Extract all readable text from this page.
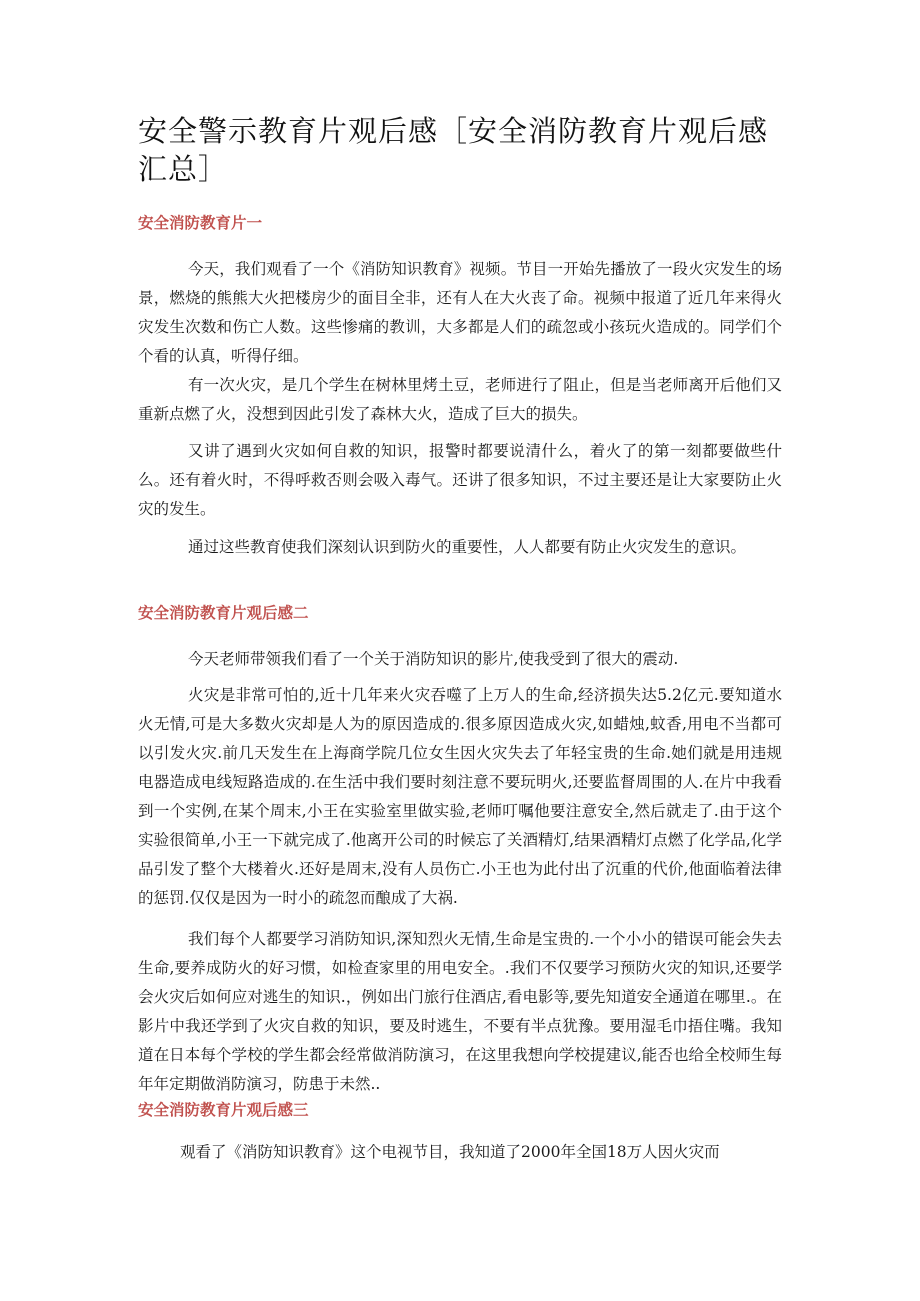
安全警示教育片观后感［安全消防教育片观后感汇总］
安全消防教育片一

今天，我们观看了一个《消防知识教育》视频。节目一开始先播放了一段火灾发生的场景，燃烧的熊熊大火把楼房少的面目全非，还有人在大火丧了命。视频中报道了近几年来得火灾发生次数和伤亡人数。这些惨痛的教训，大多都是人们的疏忽或小孩玩火造成的。同学们个个看的认真，听得仔细。

有一次火灾，是几个学生在树林里烤土豆，老师进行了阻止，但是当老师离开后他们又重新点燃了火，没想到因此引发了森林大火，造成了巨大的损失。

又讲了遇到火灾如何自救的知识，报警时都要说清什么，着火了的第一刻都要做些什么。还有着火时，不得呼救否则会吸入毒气。还讲了很多知识，不过主要还是让大家要防止火灾的发生。

通过这些教育使我们深刻认识到防火的重要性，人人都要有防止火灾发生的意识。

安全消防教育片观后感二

今天老师带领我们看了一个关于消防知识的影片,使我受到了很大的震动.

火灾是非常可怕的,近十几年来火灾吞噬了上万人的生命,经济损失达5.2亿元.要知道水火无情,可是大多数火灾却是人为的原因造成的.很多原因造成火灾,如蜡烛,蚊香,用电不当都可以引发火灾.前几天发生在上海商学院几位女生因火灾失去了年轻宝贵的生命.她们就是用违规电器造成电线短路造成的.在生活中我们要时刻注意不要玩明火,还要监督周围的人.在片中我看到一个实例,在某个周末,小王在实验室里做实验,老师叮嘱他要注意安全,然后就走了.由于这个实验很简单,小王一下就完成了.他离开公司的时候忘了关酒精灯,结果酒精灯点燃了化学品,化学品引发了整个大楼着火.还好是周末,没有人员伤亡.小王也为此付出了沉重的代价,他面临着法律的惩罚.仅仅是因为一时小的疏忽而酿成了大祸.

我们每个人都要学习消防知识,深知烈火无情,生命是宝贵的.一个小小的错误可能会失去生命,要养成防火的好习惯，如检查家里的用电安全。.我们不仅要学习预防火灾的知识,还要学会火灾后如何应对逃生的知识.，例如出门旅行住酒店,看电影等,要先知道安全通道在哪里.。在影片中我还学到了火灾自救的知识，要及时逃生，不要有半点犹豫。要用湿毛巾捂住嘴。我知道在日本每个学校的学生都会经常做消防演习，在这里我想向学校提建议,能否也给全校师生每年年定期做消防演习，防患于未然..

安全消防教育片观后感三

观看了《消防知识教育》这个电视节目，我知道了2000年全国18万人因火灾而
